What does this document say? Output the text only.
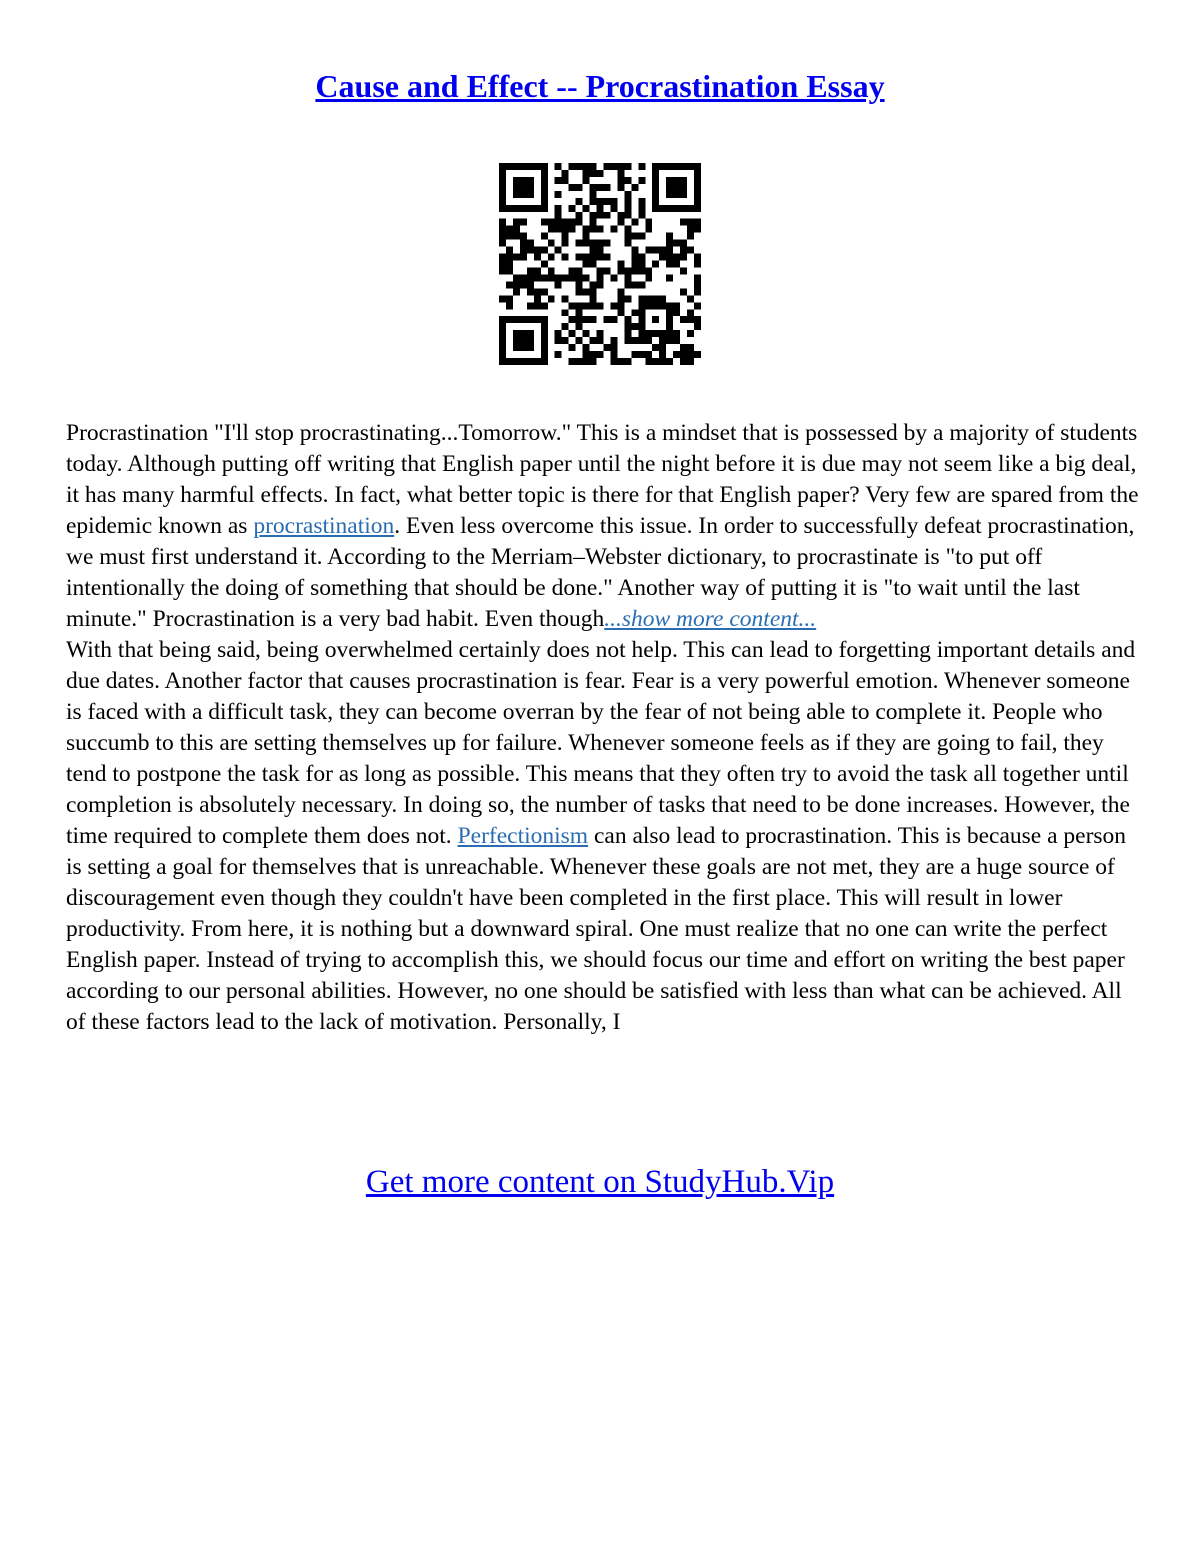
Cause and Effect -- Procrastination Essay

Procrastination "I'll stop procrastinating...Tomorrow." This is a mindset that is possessed by a majority of students today. Although putting off writing that English paper until the night before it is due may not seem like a big deal, it has many harmful effects. In fact, what better topic is there for that English paper? Very few are spared from the epidemic known as procrastination. Even less overcome this issue. In order to successfully defeat procrastination, we must first understand it. According to the Merriam–Webster dictionary, to procrastinate is "to put off intentionally the doing of something that should be done." Another way of putting it is "to wait until the last minute." Procrastination is a very bad habit. Even though...show more content...

With that being said, being overwhelmed certainly does not help. This can lead to forgetting important details and due dates. Another factor that causes procrastination is fear. Fear is a very powerful emotion. Whenever someone is faced with a difficult task, they can become overran by the fear of not being able to complete it. People who succumb to this are setting themselves up for failure. Whenever someone feels as if they are going to fail, they tend to postpone the task for as long as possible. This means that they often try to avoid the task all together until completion is absolutely necessary. In doing so, the number of tasks that need to be done increases. However, the time required to complete them does not. Perfectionism can also lead to procrastination. This is because a person is setting a goal for themselves that is unreachable. Whenever these goals are not met, they are a huge source of discouragement even though they couldn't have been completed in the first place. This will result in lower productivity. From here, it is nothing but a downward spiral. One must realize that no one can write the perfect English paper. Instead of trying to accomplish this, we should focus our time and effort on writing the best paper according to our personal abilities. However, no one should be satisfied with less than what can be achieved. All of these factors lead to the lack of motivation. Personally, I

Get more content on StudyHub.Vip
